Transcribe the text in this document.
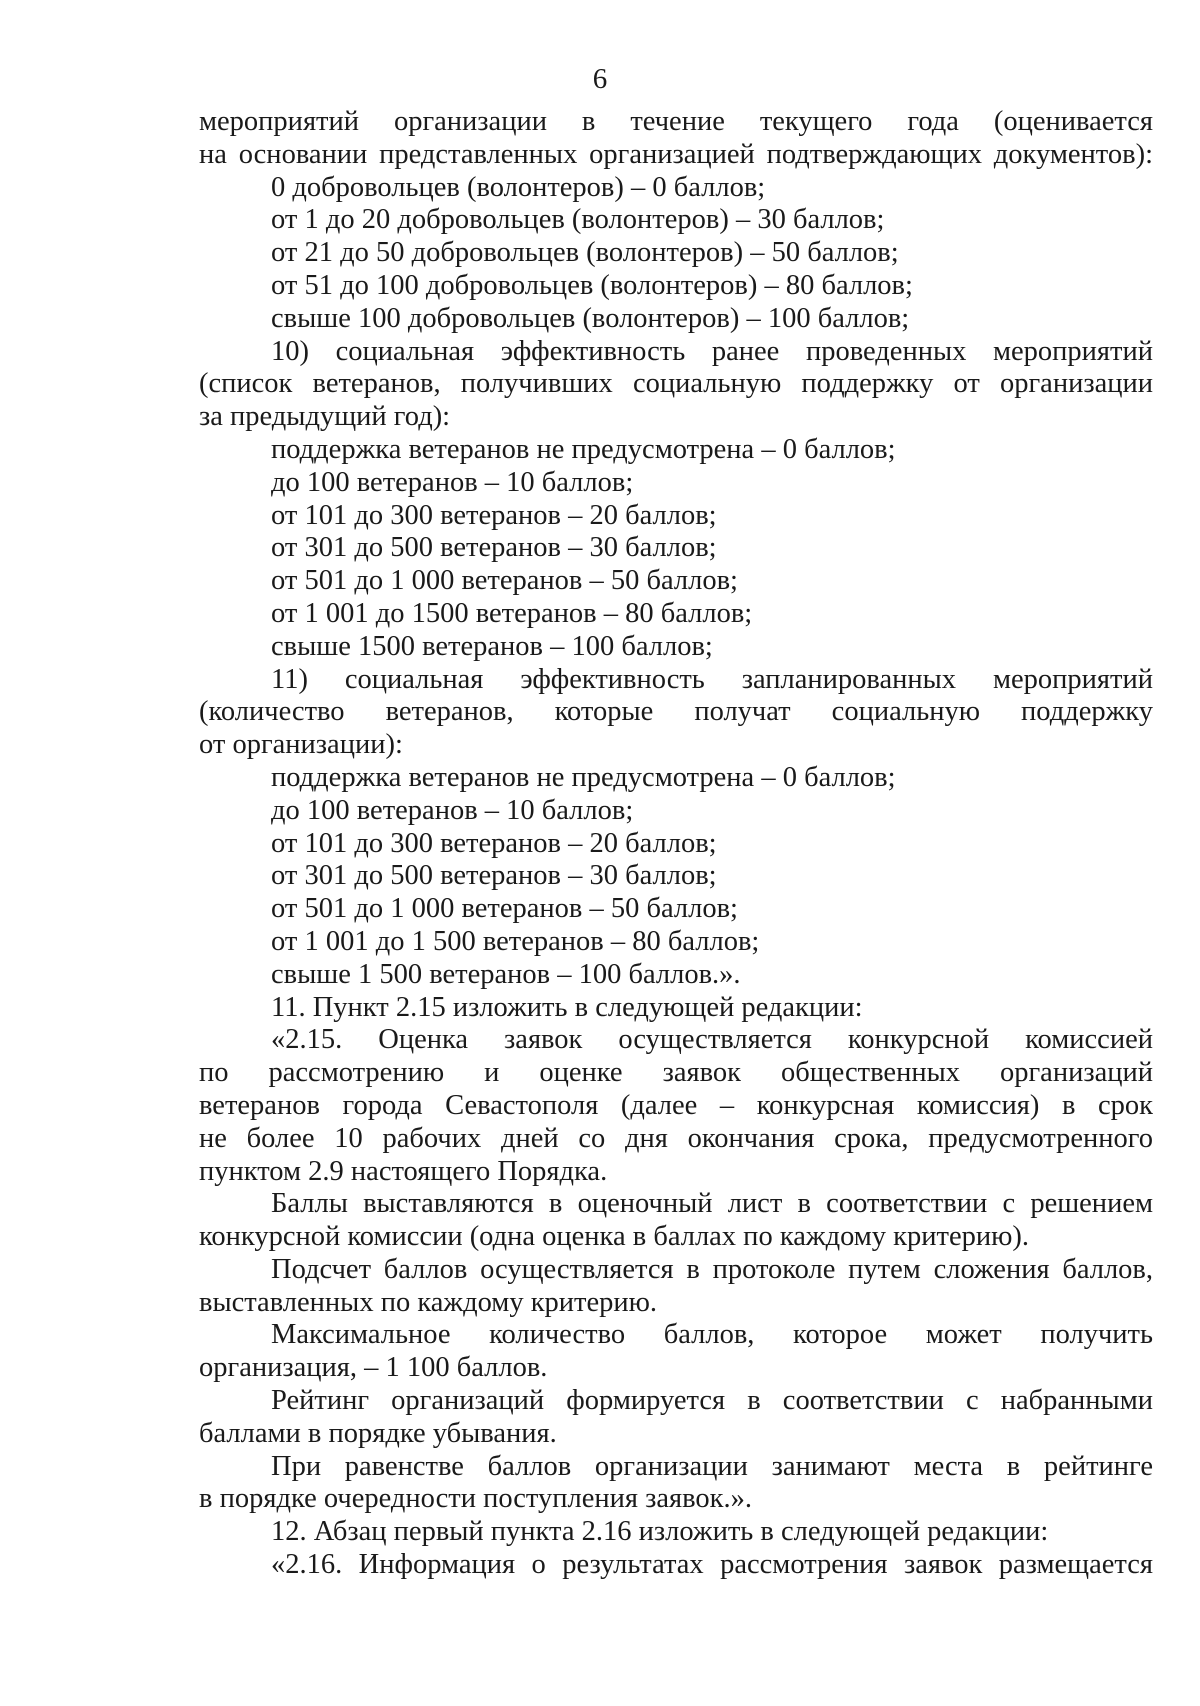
6

мероприятий организации в течение текущего года (оценивается

на основании представленных организацией подтверждающих документов):

0 добровольцев (волонтеров) – 0 баллов;

от 1 до 20 добровольцев (волонтеров) – 30 баллов;

от 21 до 50 добровольцев (волонтеров) – 50 баллов;

от 51 до 100 добровольцев (волонтеров) – 80 баллов;

свыше 100 добровольцев (волонтеров) – 100 баллов;

10) социальная эффективность ранее проведенных мероприятий

(список ветеранов, получивших социальную поддержку от организации

за предыдущий год):

поддержка ветеранов не предусмотрена – 0 баллов;

до 100 ветеранов – 10 баллов;

от 101 до 300 ветеранов – 20 баллов;

от 301 до 500 ветеранов – 30 баллов;

от 501 до 1 000 ветеранов – 50 баллов;

от 1 001 до 1500 ветеранов – 80 баллов;

свыше 1500 ветеранов – 100 баллов;

11) социальная эффективность запланированных мероприятий

(количество ветеранов, которые получат социальную поддержку

от организации):

поддержка ветеранов не предусмотрена – 0 баллов;

до 100 ветеранов – 10 баллов;

от 101 до 300 ветеранов – 20 баллов;

от 301 до 500 ветеранов – 30 баллов;

от 501 до 1 000 ветеранов – 50 баллов;

от 1 001 до 1 500 ветеранов – 80 баллов;

свыше 1 500 ветеранов – 100 баллов.».

11. Пункт 2.15 изложить в следующей редакции:

«2.15. Оценка заявок осуществляется конкурсной комиссией

по рассмотрению и оценке заявок общественных организаций

ветеранов города Севастополя (далее – конкурсная комиссия) в срок

не более 10 рабочих дней со дня окончания срока, предусмотренного

пунктом 2.9 настоящего Порядка.

Баллы выставляются в оценочный лист в соответствии с решением

конкурсной комиссии (одна оценка в баллах по каждому критерию).

Подсчет баллов осуществляется в протоколе путем сложения баллов,

выставленных по каждому критерию.

Максимальное количество баллов, которое может получить

организация, – 1 100 баллов.

Рейтинг организаций формируется в соответствии с набранными

баллами в порядке убывания.

При равенстве баллов организации занимают места в рейтинге

в порядке очередности поступления заявок.».

12. Абзац первый пункта 2.16 изложить в следующей редакции:

«2.16. Информация о результатах рассмотрения заявок размещается
